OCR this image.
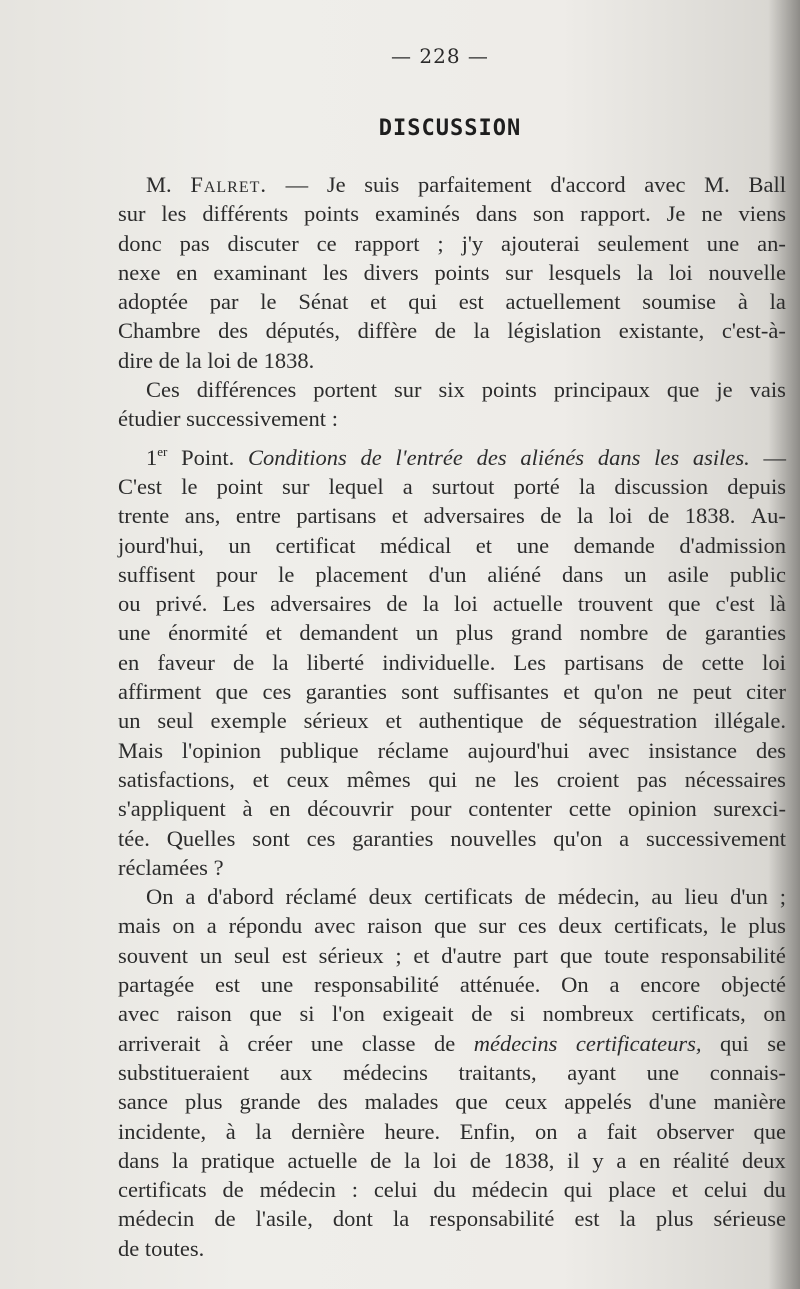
— 228 —
DISCUSSION
M. Falret. — Je suis parfaitement d'accord avec M. Ball
sur les différents points examinés dans son rapport. Je ne viens
donc pas discuter ce rapport ; j'y ajouterai seulement une an-
nexe en examinant les divers points sur lesquels la loi nouvelle
adoptée par le Sénat et qui est actuellement soumise à la
Chambre des députés, diffère de la législation existante, c'est-à-
dire
de
la
loi
de
1838.
Ces différences portent sur six points principaux que je vais
étudier
successivement
:
1er Point. Conditions de l'entrée des aliénés dans les asiles. —
C'est le point sur lequel a surtout porté la discussion depuis
trente ans, entre partisans et adversaires de la loi de 1838. Au-
jourd'hui, un certificat médical et une demande d'admission
suffisent pour le placement d'un aliéné dans un asile public
ou privé. Les adversaires de la loi actuelle trouvent que c'est là
une énormité et demandent un plus grand nombre de garanties
en faveur de la liberté individuelle. Les partisans de cette loi
affirment que ces garanties sont suffisantes et qu'on ne peut citer
un seul exemple sérieux et authentique de séquestration illégale.
Mais l'opinion publique réclame aujourd'hui avec insistance des
satisfactions, et ceux mêmes qui ne les croient pas nécessaires
s'appliquent à en découvrir pour contenter cette opinion surexci-
tée. Quelles sont ces garanties nouvelles qu'on a successivement
réclamées
?
On a d'abord réclamé deux certificats de médecin, au lieu d'un ;
mais on a répondu avec raison que sur ces deux certificats, le plus
souvent un seul est sérieux ; et d'autre part que toute responsabilité
partagée est une responsabilité atténuée. On a encore objecté
avec raison que si l'on exigeait de si nombreux certificats, on
arriverait à créer une classe de médecins certificateurs, qui se
substitueraient aux médecins traitants, ayant une connais-
sance plus grande des malades que ceux appelés d'une manière
incidente, à la dernière heure. Enfin, on a fait observer que
dans la pratique actuelle de la loi de 1838, il y a en réalité deux
certificats de médecin : celui du médecin qui place et celui du
médecin de l'asile, dont la responsabilité est la plus sérieuse
de
toutes.
